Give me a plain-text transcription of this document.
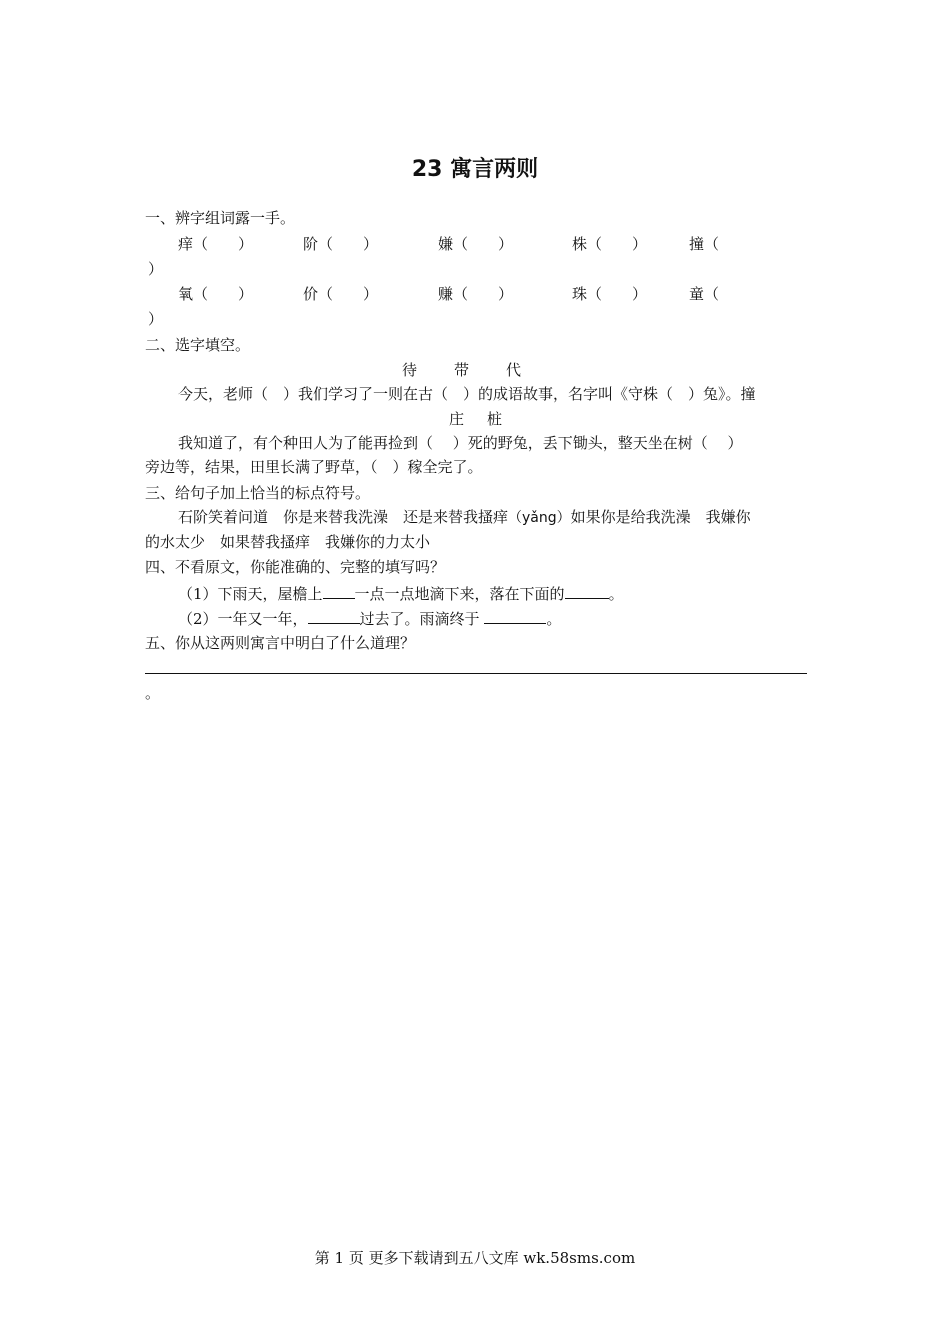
23 寓言两则
一、辨字组词露一手。
痒（　　）	阶（　　）	嫌（　　）	株（　　）	撞（
）
氧（　　）	价（　　）	赚（　　）	珠（　　）	童（
）
二、选字填空。
待 带 代
今天，老师（　）我们学习了一则在古（　）的成语故事，名字叫《守株（　）兔》。撞
庄 桩
我知道了，有个种田人为了能再捡到（　 ）死的野兔，丢下锄头，整天坐在树（　 ）
旁边等，结果，田里长满了野草，（　）稼全完了。
三、给句子加上恰当的标点符号。
石阶笑着问道　你是来替我洗澡　还是来替我搔痒（yǎng）如果你是给我洗澡　我嫌你
的水太少　如果替我搔痒　我嫌你的力太小
四、不看原文，你能准确的、完整的填写吗？
（1）下雨天，屋檐上 一点一点地滴下来，落在下面的	。
（2）一年又一年，	过去了。雨滴终于	。
五、你从这两则寓言中明白了什么道理？
。
第 1 页 更多下载请到五八文库 wk.58sms.com
